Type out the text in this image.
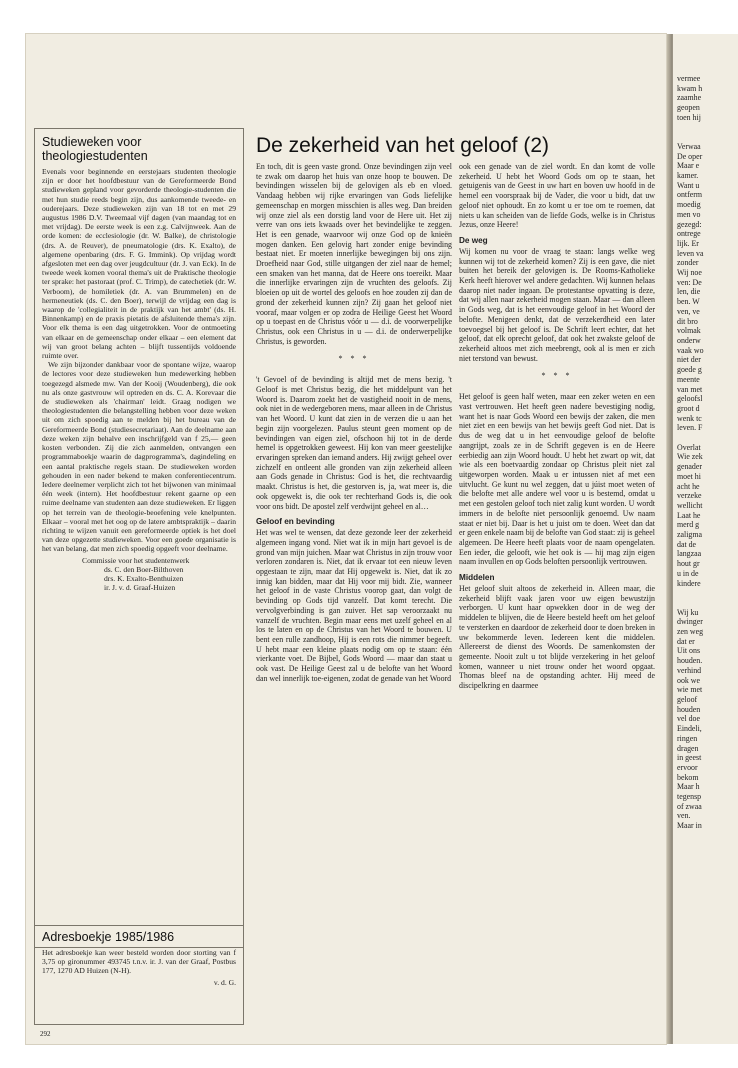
Studieweken voor theologiestudenten

Evenals voor beginnende en eerstejaars studenten theologie zijn er door het hoofdbestuur van de Gereformeerde Bond studieweken gepland voor gevorderde theologie-studenten die met hun studie reeds begin zijn, dus aankomende tweede- en ouderejaars. Deze studieweken zijn van 18 tot en met 29 augustus 1986 D.V. Tweemaal vijf dagen (van maandag tot en met vrijdag). De eerste week is een z.g. Calvijnweek. Aan de orde komen: de ecclesiologie (dr. W. Balke), de christologie (drs. A. de Reuver), de pneumatologie (drs. K. Exalto), de algemene openbaring (drs. F. G. Immink). Op vrijdag wordt afgesloten met een dag over jeugdcultuur (dr. J. van Eck). In de tweede week komen vooral thema's uit de Praktische theologie ter sprake: het pastoraat (prof. C. Trimp), de catechetiek (dr. W. Verboom), de homiletiek (dr. A. van Brummelen) en de hermeneutiek (ds. C. den Boer), terwijl de vrijdag een dag is waarop de 'collegialiteit in de praktijk van het ambt' (ds. H. Binnenkamp) en de praxis pietatis de afsluitende thema's zijn. Voor elk thema is een dag uitgetrokken. Voor de ontmoeting van elkaar en de gemeenschap onder elkaar – een element dat wij van groot belang achten – blijft tussentijds voldoende ruimte over.

We zijn bijzonder dankbaar voor de spontane wijze, waarop de lectores voor deze studieweken hun medewerking hebben toegezegd alsmede mw. Van der Kooij (Woudenberg), die ook nu als onze gastvrouw wil optreden en ds. C. A. Korevaar die de studieweken als 'chairman' leidt. Graag nodigen we theologiestudenten die belangstelling hebben voor deze weken uit om zich spoedig aan te melden bij het bureau van de Gereformeerde Bond (studiesecretariaat). Aan de deelname aan deze weken zijn behalve een inschrijfgeld van f 25,— geen kosten verbonden. Zij die zich aanmelden, ontvangen een programmaboekje waarin de dagprogramma's, dagindeling en een aantal praktische regels staan. De studieweken worden gehouden in een nader bekend te maken conferentiecentrum. Iedere deelnemer verplicht zich tot het bijwonen van minimaal één week (intern). Het hoofdbestuur rekent gaarne op een ruime deelname van studenten aan deze studieweken. Er liggen op het terrein van de theologie-beoefening vele knelpunten. Elkaar – vooral met het oog op de latere ambtspraktijk – daarin richting te wijzen vanuit een gereformeerde optiek is het doel van deze opgezette studieweken. Voor een goede organisatie is het van belang, dat men zich spoedig opgeeft voor deelname.

Commissie voor het studentenwerk
ds. C. den Boer-Bilthoven
drs. K. Exalto-Benthuizen
ir. J. v. d. Graaf-Huizen
Adresboekje 1985/1986

Het adresboekje kan weer besteld worden door storting van f 3,75 op gironummer 493745 t.n.v. ir. J. van der Graaf, Postbus 177, 1270 AD Huizen (N-H).

v. d. G.
De zekerheid van het geloof (2)

En toch, dit is geen vaste grond. Onze bevindingen zijn veel te zwak om daarop het huis van onze hoop te bouwen. De bevindingen wisselen bij de gelovigen als eb en vloed. Vandaag hebben wij rijke ervaringen van Gods liefelijke gemeenschap en morgen misschien is alles weg. Dan breiden wij onze ziel als een dorstig land voor de Here uit. Het zij verre van ons iets kwaads over het bevindelijke te zeggen. Het is een genade, waarvoor wij onze God op de knieën mogen danken. Een gelovig hart zonder enige bevinding bestaat niet. Er moeten innerlijke bewegingen bij ons zijn. Droefheid naar God, stille uitgangen der ziel naar de hemel; een smaken van het manna, dat de Heere ons toereikt. Maar die innerlijke ervaringen zijn de vruchten des geloofs. Zij bloeien op uit de wortel des geloofs en hoe zouden zij dan de grond der zekerheid kunnen zijn? Zij gaan het geloof niet vooraf, maar volgen er op zodra de Heilige Geest het Woord op u toepast en de Christus vóór u — d.i. de voorwerpelijke Christus, ook een Christus in u — d.i. de onderwerpelijke Christus, is geworden.

* * *

't Gevoel of de bevinding is altijd met de mens bezig. 't Geloof is met Christus bezig, die het middelpunt van het Woord is. Daarom zoekt het de vastigheid nooit in de mens, ook niet in de wedergeboren mens, maar alleen in de Christus van het Woord. U kunt dat zien in de verzen die u aan het begin zijn voorgelezen. Paulus steunt geen moment op de bevindingen van eigen ziel, ofschoon hij tot in de derde hemel is opgetrokken geweest. Hij kon van meer geestelijke ervaringen spreken dan iemand anders. Hij zwijgt geheel over zichzelf en ontleent alle gronden van zijn zekerheid alleen aan Gods genade in Christus: God is het, die rechtvaardig maakt. Christus is het, die gestorven is, ja, wat meer is, die ook opgewekt is, die ook ter rechterhand Gods is, die ook voor ons bidt. De apostel zelf verdwijnt geheel en al…

Geloof en bevinding

Het was wel te wensen, dat deze gezonde leer der zekerheid algemeen ingang vond. Niet wat ik in mijn hart gevoel is de grond van mijn juichen. Maar wat Christus in zijn trouw voor verloren zondaren is. Niet, dat ik ervaar tot een nieuw leven opgestaan te zijn, maar dat Hij opgewekt is. Niet, dat ik zo innig kan bidden, maar dat Hij voor mij bidt. Zie, wanneer het geloof in de vaste Christus voorop gaat, dan volgt de bevinding op Gods tijd vanzelf. Dat komt terecht. Die vervolgverbinding is gan zuiver. Het sap veroorzaakt nu vanzelf de vruchten. Begin maar eens met uzelf geheel en al los te laten en op de Christus van het Woord te bouwen. U bent een rulle zandhoop, Hij is een rots die nimmer begeeft. U hebt maar een kleine plaats nodig om op te staan: één vierkante voet. De Bijbel, Gods Woord — maar dan staat u ook vast. De Heilige Geest zal u de belofte van het Woord dan wel innerlijk toe-eigenen, zodat de genade van het Woord

ook een genade van de ziel wordt. En dan komt de volle zekerheid. U hebt het Woord Gods om op te staan, het getuigenis van de Geest in uw hart en boven uw hoofd in de hemel een voorspraak bij de Vader, die voor u bidt, dat uw geloof niet ophoudt. En zo komt u er toe om te roemen, dat niets u kan scheiden van de liefde Gods, welke is in Christus Jezus, onze Heere!

De weg

Wij komen nu voor de vraag te staan: langs welke weg kunnen wij tot de zekerheid komen? Zij is een gave, die niet buiten het bereik der gelovigen is. De Rooms-Katholieke Kerk heeft hierover wel andere gedachten. Wij kunnen helaas daarop niet nader ingaan. De protestantse opvatting is deze, dat wij allen naar zekerheid mogen staan. Maar — dan alleen in Gods weg, dat is het eenvoudige geloof in het Woord der belofte. Menigeen denkt, dat de verzekerdheid een later toevoegsel bij het geloof is. De Schrift leert echter, dat het geloof, dat elk oprecht geloof, dat ook het zwakste geloof de zekerheid altoos met zich meebrengt, ook al is men er zich niet terstond van bewust.

* * *

Het geloof is geen half weten, maar een zeker weten en een vast vertrouwen. Het heeft geen nadere bevestiging nodig, want het is naar Gods Woord een bewijs der zaken, die men niet ziet en een bewijs van het bewijs geeft God niet. Dat is dus de weg dat u in het eenvoudige geloof de belofte aangrijpt, zoals ze in de Schrift gegeven is en de Heere eerbiedig aan zijn Woord houdt. U hebt het zwart op wit, dat wie als een boetvaardig zondaar op Christus pleit niet zal uitgeworpen worden. Maak u er intussen niet af met een uitvlucht. Ge kunt nu wel zeggen, dat u júist moet weten of die belofte met alle andere wel voor u is bestemd, omdat u met een gestolen geloof toch niet zalig kunt worden. U wordt immers in de belofte niet persoonlijk genoemd. Uw naam staat er niet bij. Daar is het u juist om te doen. Weet dan dat er geen enkele naam bij de belofte van God staat: zij is geheel algemeen. De Heere heeft plaats voor de naam opengelaten. Een ieder, die gelooft, wie het ook is — hij mag zijn eigen naam invullen en op Gods beloften persoonlijk vertrouwen.

Middelen

Het geloof sluit altoos de zekerheid in. Alleen maar, die zekerheid blijft vaak jaren voor uw eigen bewustzijn verborgen. U kunt haar opwekken door in de weg der middelen te blijven, die de Heere besteld heeft om het geloof te versterken en daardoor de zekerheid door te doen breken in uw bekommerde leven. Iedereen kent die middelen. Allereerst de dienst des Woords. De samenkomsten der gemeente. Nooit zult u tot blijde verzekering in het geloof komen, wanneer u niet trouw onder het woord opgaat. Thomas bleef na de opstanding achter. Hij meed de discipelkring en daarmee

292
vermee
kwam h
zaamhe
geopen
toen hij

Verwaa
De oper
Maar e
kamer.
Want u
ontferm
moedig
men vo
gezegd:
ontrege
lijk. Er
leven va
zonder
Wij noe
ven: De
len, die
ben. W
ven, ve
dit bro
volmak
onderw
vaak wo
niet der
goede g
meente
van met
geloofsl
groot d
wenk tc
leven. F

Overlat
Wie zek
genader
moet hi
acht he
verzeke
wellicht
Laat he
merd g
zaligma
dat de
langzaa
hout gr
u in de
kindere

Wij ku
dwinger
zen weg
dat er
Uit ons
houden.
verhind
ook we
wie met
geloof
houden
vel doe
Eindeli,
ringen
dragen
in geest
ervoor
bekom
Maar h
tegensp
of zwaa
ven.
Maar in
